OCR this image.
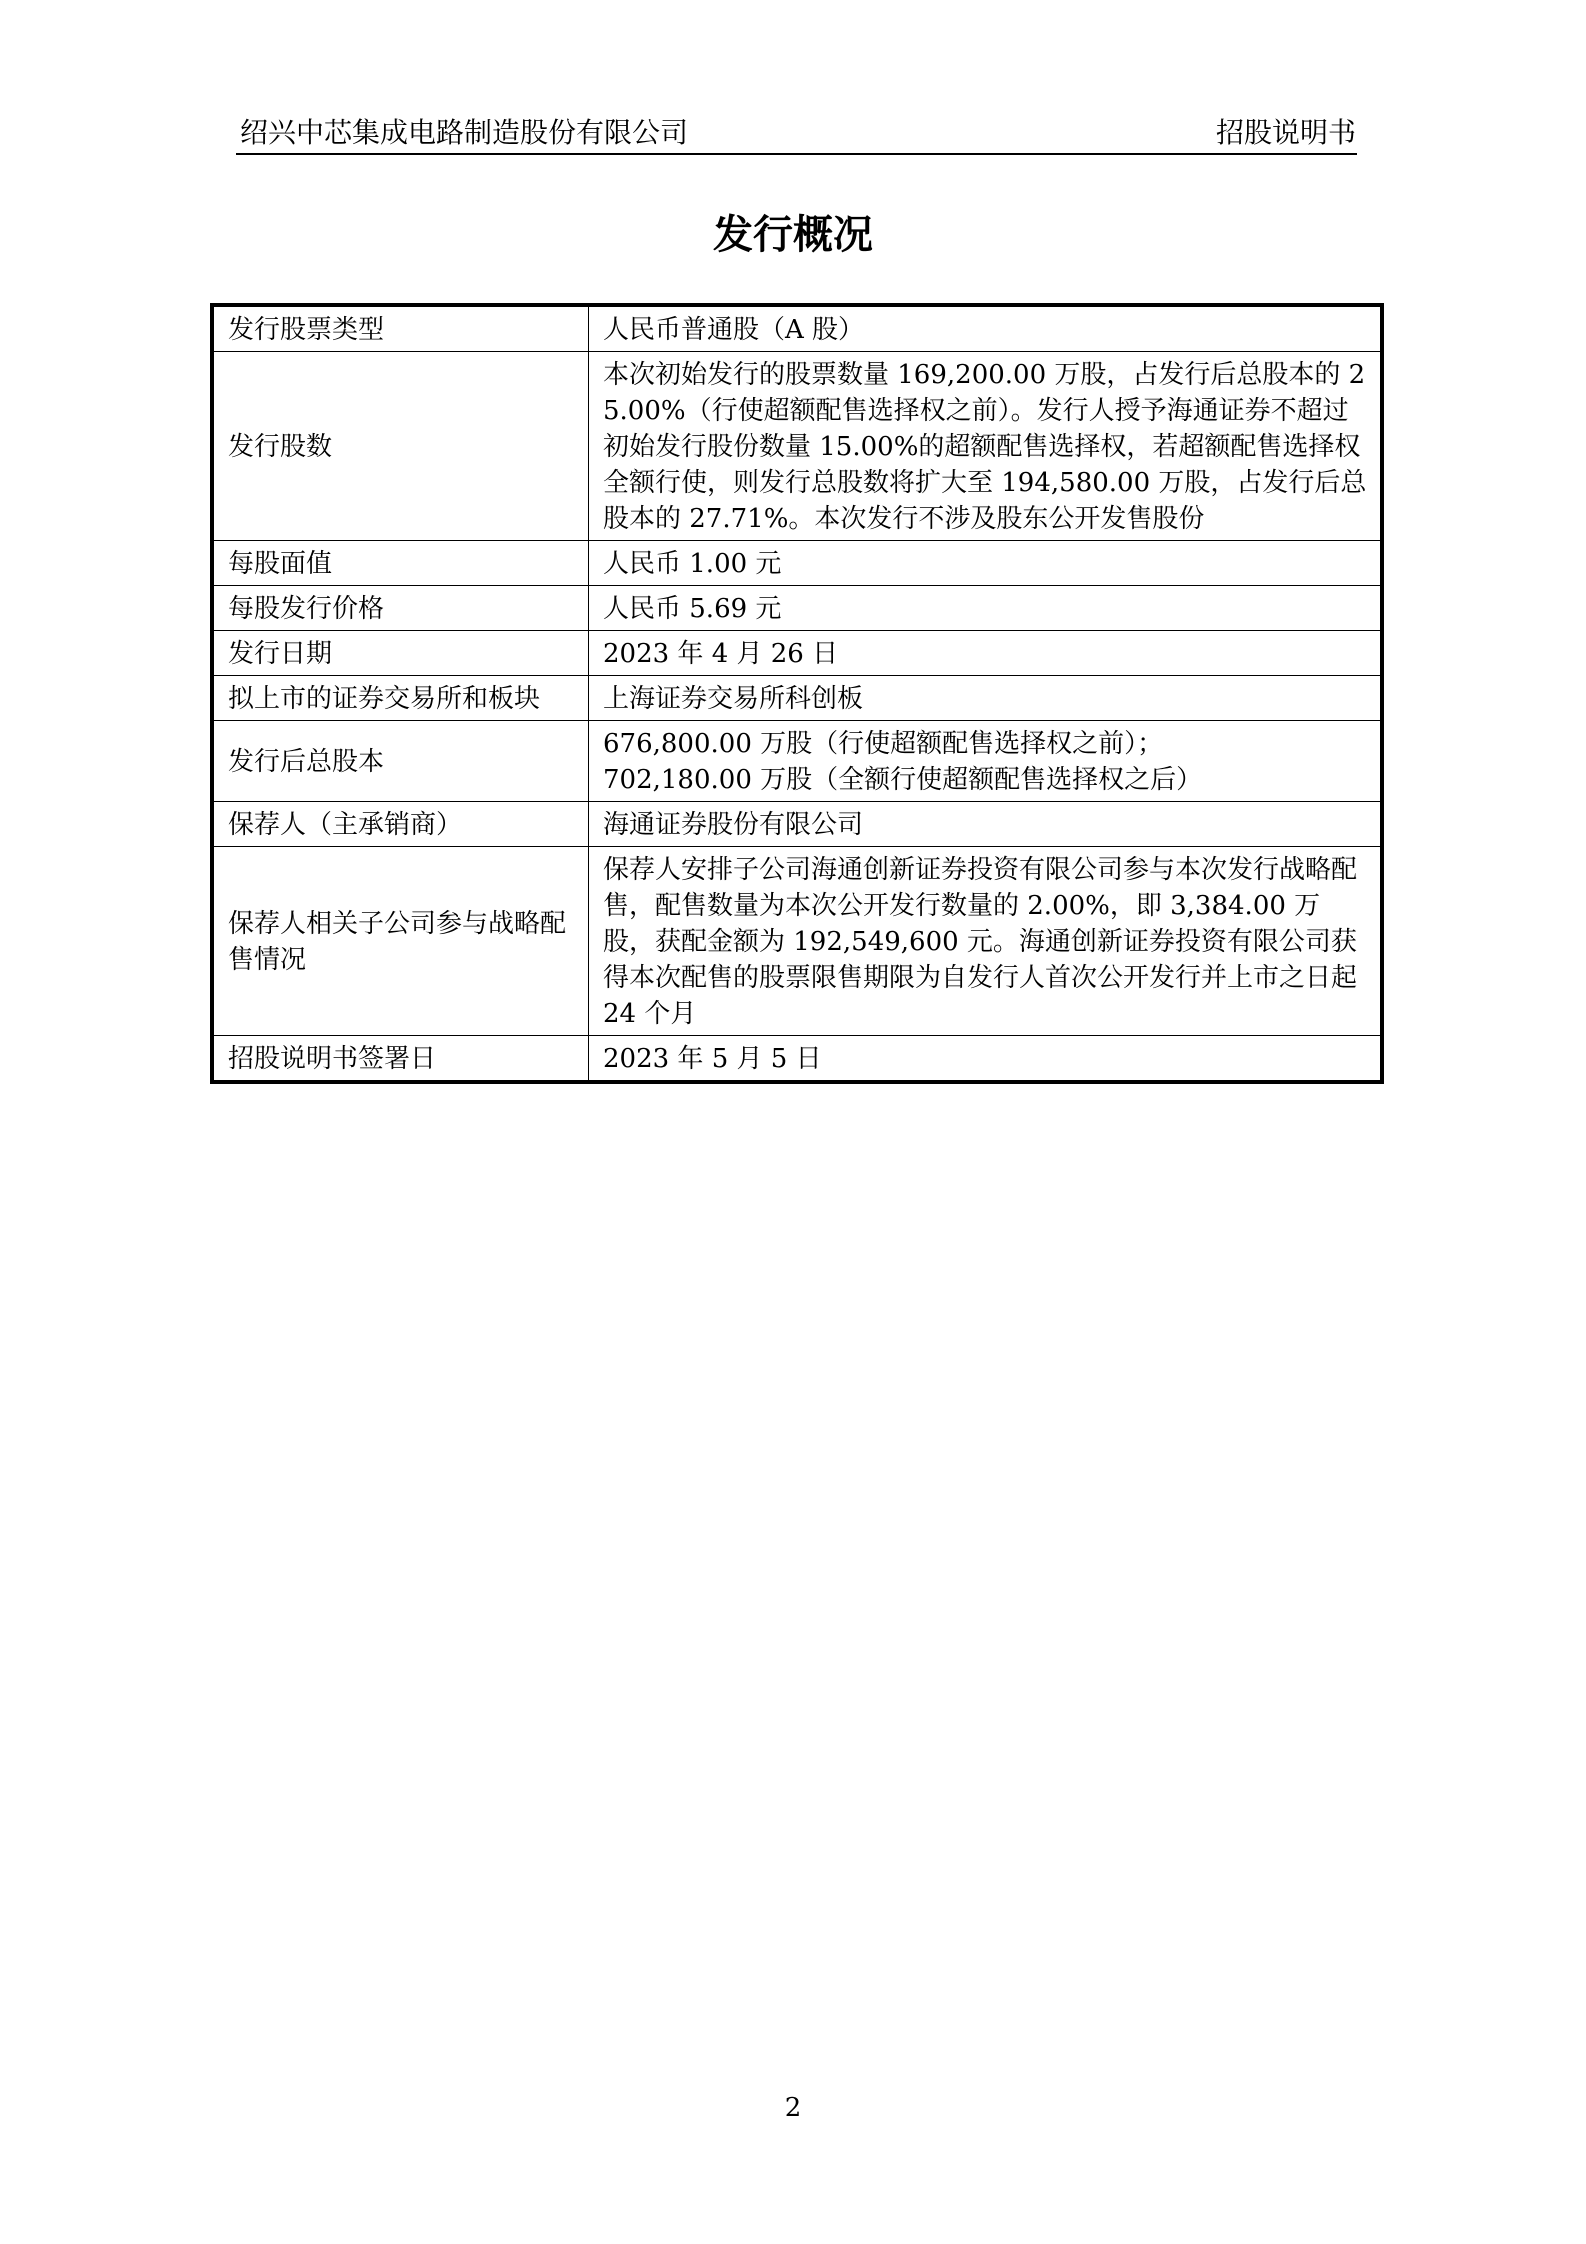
绍兴中芯集成电路制造股份有限公司	招股说明书
发行概况
发行股票类型	人民币普通股（A 股）
发行股数	本次初始发行的股票数量 169,200.00 万股，占发行后总股本的 25.00%（行使超额配售选择权之前）。发行人授予海通证券不超过初始发行股份数量 15.00%的超额配售选择权，若超额配售选择权全额行使，则发行总股数将扩大至 194,580.00 万股，占发行后总股本的 27.71%。本次发行不涉及股东公开发售股份
每股面值	人民币 1.00 元
每股发行价格	人民币 5.69 元
发行日期	2023 年 4 月 26 日
拟上市的证券交易所和板块	上海证券交易所科创板
发行后总股本	676,800.00 万股（行使超额配售选择权之前）；
702,180.00 万股（全额行使超额配售选择权之后）

保荐人（主承销商）	海通证券股份有限公司
保荐人相关子公司参与战略配售情况	保荐人安排子公司海通创新证券投资有限公司参与本次发行战略配售，配售数量为本次公开发行数量的 2.00%，即 3,384.00 万股，获配金额为 192,549,600 元。海通创新证券投资有限公司获得本次配售的股票限售期限为自发行人首次公开发行并上市之日起 24 个月
招股说明书签署日	2023 年 5 月 5 日
2
